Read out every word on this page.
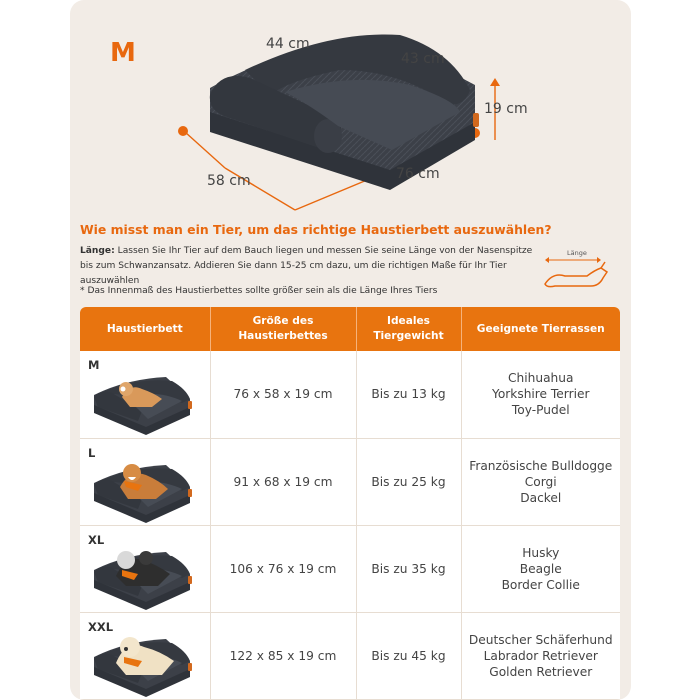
M	44 cm
43 cm
19 cm
58 cm	76 cm
Wie misst man ein Tier, um das richtige Haustierbett auszuwählen?
Länge: Lassen Sie Ihr Tier auf dem Bauch liegen und messen Sie seine Länge von der Nasenspitze bis zum Schwanzansatz. Addieren Sie dann 15-25 cm dazu, um die richtigen Maße für Ihr Tier auszuwählen
* Das Innenmaß des Haustierbettes sollte größer sein als die Länge Ihres Tiers
Länge
Haustierbett	Größe des Haustierbettes	Ideales Tiergewicht	Geeignete Tierrassen

M	76 x 58 x 19 cm	Bis zu 13 kg	Chihuahua
Yorkshire Terrier
Toy-Pudel

L	91 x 68 x 19 cm	Bis zu 25 kg	Französische Bulldogge
Corgi
Dackel

XL	106 x 76 x 19 cm	Bis zu 35 kg	Husky
Beagle
Border Collie

XXL	122 x 85 x 19 cm	Bis zu 45 kg	Deutscher Schäferhund
Labrador Retriever
Golden Retriever
